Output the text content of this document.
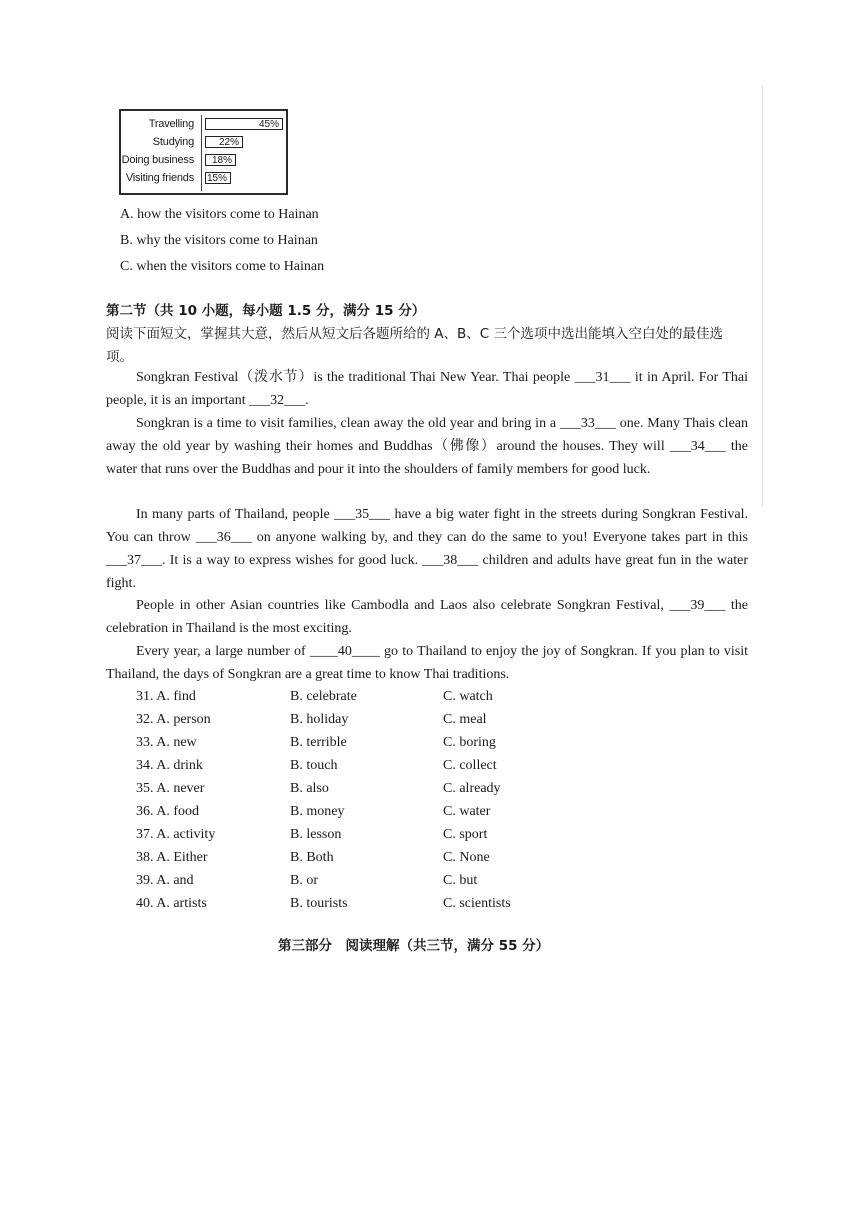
Travelling	45%
Studying	22%
Doing business	18%
Visiting friends 15%
A. how the visitors come to Hainan
B. why the visitors come to Hainan
C. when the visitors come to Hainan
第二节（共 10 小题，每小题 1.5 分，满分 15 分）
阅读下面短文，掌握其大意，然后从短文后各题所给的 A、B、C 三个选项中选出能填入空白处的最佳选项。
Songkran Festival（泼水节）is the traditional Thai New Year. Thai people ___31___ it in April. For Thai people, it is an important ___32___.
Songkran is a time to visit families, clean away the old year and bring in a ___33___ one. Many Thais clean away the old year by washing their homes and Buddhas（佛像）around the houses. They will ___34___ the water that runs over the Buddhas and pour it into the shoulders of family members for good luck.
In many parts of Thailand, people ___35___ have a big water fight in the streets during Songkran Festival. You can throw ___36___ on anyone walking by, and they can do the same to you! Everyone takes part in this ___37___. It is a way to express wishes for good luck. ___38___ children and adults have great fun in the water fight.
People in other Asian countries like Cambodla and Laos also celebrate Songkran Festival, ___39___ the celebration in Thailand is the most exciting.
Every year, a large number of ____40____ go to Thailand to enjoy the joy of Songkran. If you plan to visit Thailand, the days of Songkran are a great time to know Thai traditions.
31. A. find	B. celebrate	C. watch
32. A. person	B. holiday	C. meal
33. A. new	B. terrible	C. boring
34. A. drink	B. touch	C. collect
35. A. never	B. also	C. already
36. A. food	B. money	C. water
37. A. activity	B. lesson	C. sport
38. A. Either	B. Both	C. None
39. A. and	B. or	C. but
40. A. artists	B. tourists	C. scientists
第三部分　阅读理解（共三节，满分 55 分）
